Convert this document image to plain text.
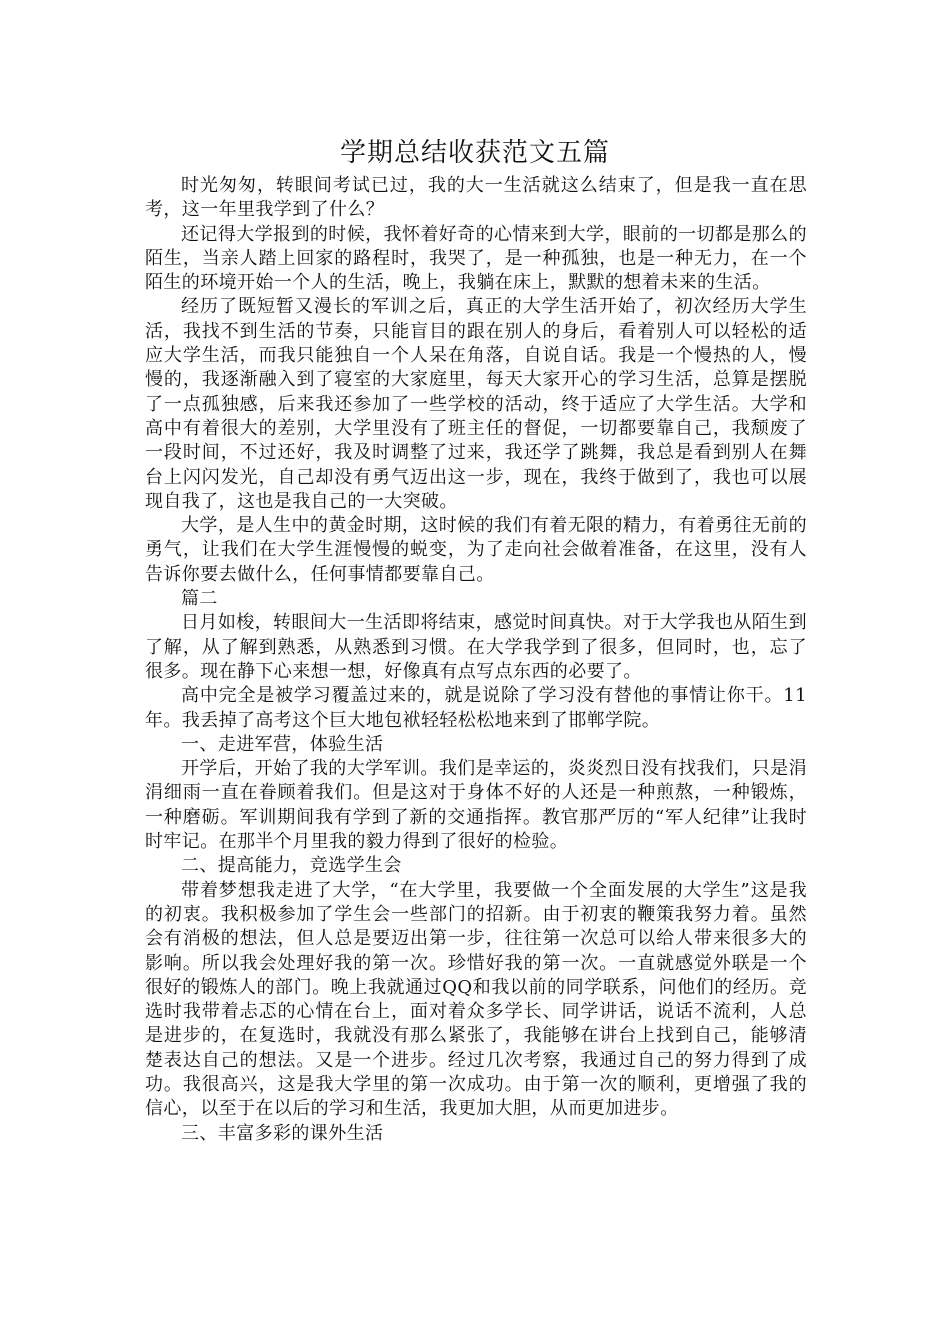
学期总结收获范文五篇

时光匆匆，转眼间考试已过，我的大一生活就这么结束了，但是我一直在思考，这一年里我学到了什么？

还记得大学报到的时候，我怀着好奇的心情来到大学，眼前的一切都是那么的陌生，当亲人踏上回家的路程时，我哭了，是一种孤独，也是一种无力，在一个陌生的环境开始一个人的生活，晚上，我躺在床上，默默的想着未来的生活。

经历了既短暂又漫长的军训之后，真正的大学生活开始了，初次经历大学生活，我找不到生活的节奏，只能盲目的跟在别人的身后，看着别人可以轻松的适应大学生活，而我只能独自一个人呆在角落，自说自话。我是一个慢热的人，慢慢的，我逐渐融入到了寝室的大家庭里，每天大家开心的学习生活，总算是摆脱了一点孤独感，后来我还参加了一些学校的活动，终于适应了大学生活。大学和高中有着很大的差别，大学里没有了班主任的督促，一切都要靠自己，我颓废了一段时间，不过还好，我及时调整了过来，我还学了跳舞，我总是看到别人在舞台上闪闪发光，自己却没有勇气迈出这一步，现在，我终于做到了，我也可以展现自我了，这也是我自己的一大突破。

大学，是人生中的黄金时期，这时候的我们有着无限的精力，有着勇往无前的勇气，让我们在大学生涯慢慢的蜕变，为了走向社会做着准备，在这里，没有人告诉你要去做什么，任何事情都要靠自己。

篇二

日月如梭，转眼间大一生活即将结束，感觉时间真快。对于大学我也从陌生到了解，从了解到熟悉，从熟悉到习惯。在大学我学到了很多，但同时，也，忘了很多。现在静下心来想一想，好像真有点写点东西的必要了。

高中完全是被学习覆盖过来的，就是说除了学习没有替他的事情让你干。11年。我丢掉了高考这个巨大地包袱轻轻松松地来到了邯郸学院。

一、走进军营，体验生活

开学后，开始了我的大学军训。我们是幸运的，炎炎烈日没有找我们，只是涓涓细雨一直在眷顾着我们。但是这对于身体不好的人还是一种煎熬，一种锻炼，一种磨砺。军训期间我有学到了新的交通指挥。教官那严厉的“军人纪律”让我时时牢记。在那半个月里我的毅力得到了很好的检验。

二、提高能力，竞选学生会

带着梦想我走进了大学，“在大学里，我要做一个全面发展的大学生”这是我的初衷。我积极参加了学生会一些部门的招新。由于初衷的鞭策我努力着。虽然会有消极的想法，但人总是要迈出第一步，往往第一次总可以给人带来很多大的影响。所以我会处理好我的第一次。珍惜好我的第一次。一直就感觉外联是一个很好的锻炼人的部门。晚上我就通过QQ和我以前的同学联系，问他们的经历。竞选时我带着忐忑的心情在台上，面对着众多学长、同学讲话，说话不流利，人总是进步的，在复选时，我就没有那么紧张了，我能够在讲台上找到自己，能够清楚表达自己的想法。又是一个进步。经过几次考察，我通过自己的努力得到了成功。我很高兴，这是我大学里的第一次成功。由于第一次的顺利，更增强了我的信心，以至于在以后的学习和生活，我更加大胆，从而更加进步。

三、丰富多彩的课外生活
